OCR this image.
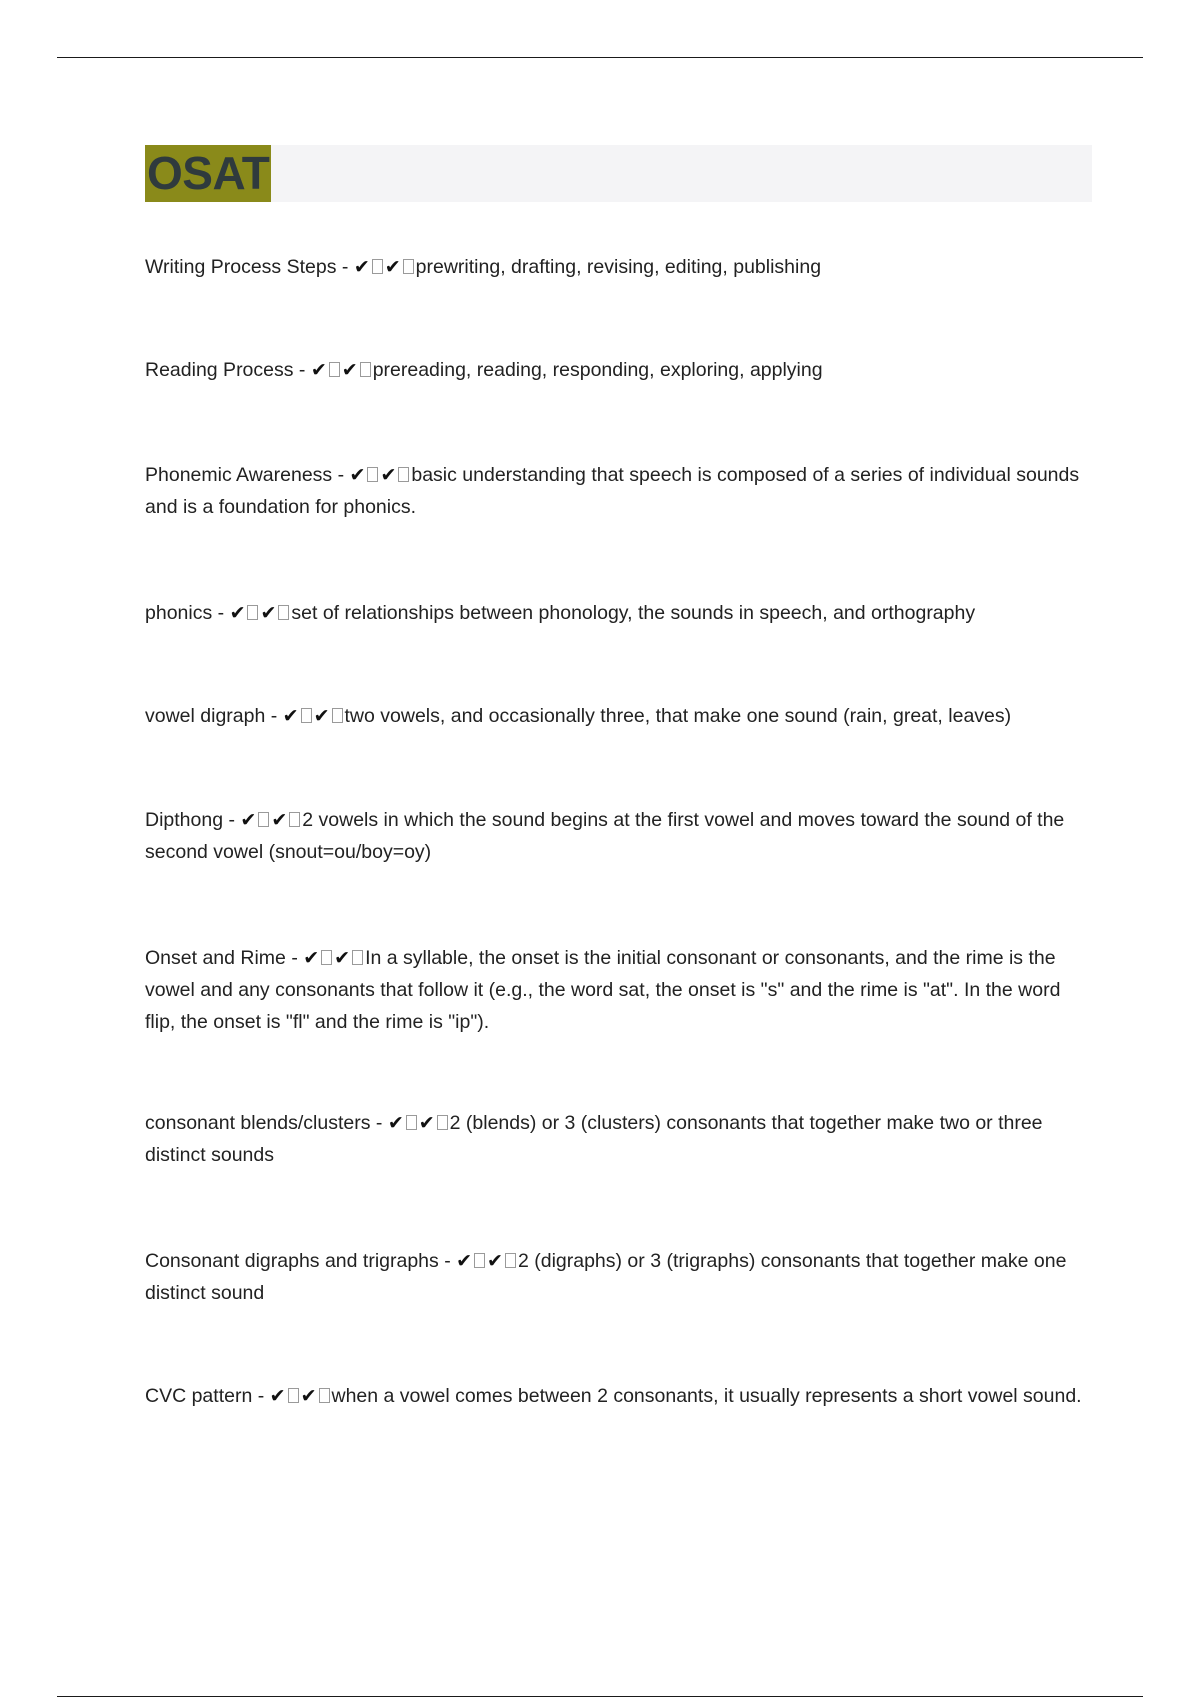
OSAT
Writing Process Steps - ✔ ✔ prewriting, drafting, revising, editing, publishing
Reading Process - ✔ ✔ prereading, reading, responding, exploring, applying
Phonemic Awareness - ✔ ✔ basic understanding that speech is composed of a series of individual sounds and is a foundation for phonics.
phonics - ✔ ✔ set of relationships between phonology, the sounds in speech, and orthography
vowel digraph - ✔ ✔ two vowels, and occasionally three, that make one sound (rain, great, leaves)
Dipthong - ✔ ✔ 2 vowels in which the sound begins at the first vowel and moves toward the sound of the second vowel (snout=ou/boy=oy)
Onset and Rime - ✔ ✔ In a syllable, the onset is the initial consonant or consonants, and the rime is the vowel and any consonants that follow it (e.g., the word sat, the onset is "s" and the rime is "at". In the word flip, the onset is "fl" and the rime is "ip").
consonant blends/clusters - ✔ ✔ 2 (blends) or 3 (clusters) consonants that together make two or three distinct sounds
Consonant digraphs and trigraphs - ✔ ✔ 2 (digraphs) or 3 (trigraphs) consonants that together make one distinct sound
CVC pattern - ✔ ✔ when a vowel comes between 2 consonants, it usually represents a short vowel sound.
